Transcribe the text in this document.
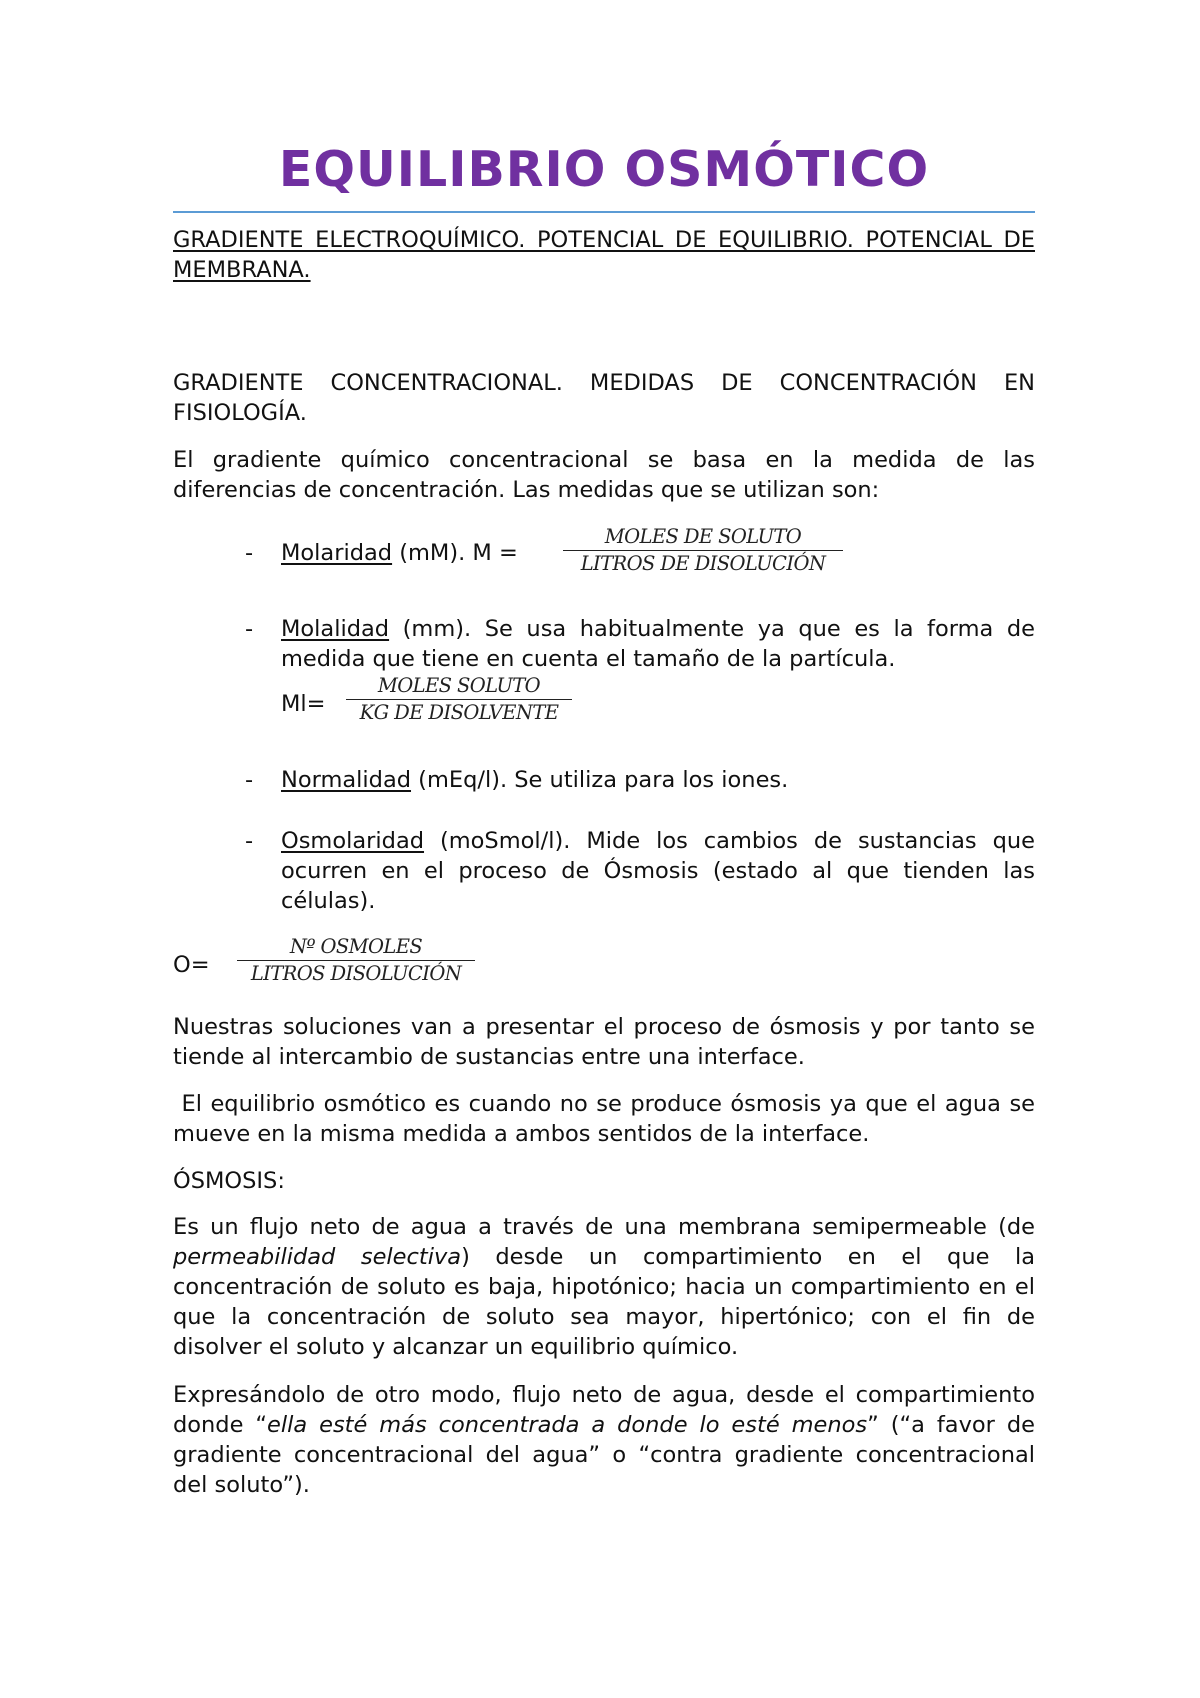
EQUILIBRIO OSMÓTICO

GRADIENTE ELECTROQUÍMICO. POTENCIAL DE EQUILIBRIO. POTENCIAL DE MEMBRANA.

GRADIENTE CONCENTRACIONAL. MEDIDAS DE CONCENTRACIÓN EN FISIOLOGÍA.

El gradiente químico concentracional se basa en la medida de las diferencias de concentración. Las medidas que se utilizan son:

- Molaridad (mM). M =

MOLES DE SOLUTO
LITROS DE DISOLUCIÓN
- Molalidad (mm). Se usa habitualmente ya que es la forma de medida que tiene en cuenta el tamaño de la partícula.

Ml=
MOLES SOLUTO
KG DE DISOLVENTE
- Normalidad (mEq/l). Se utiliza para los iones.

- Osmolaridad (moSmol/l). Mide los cambios de sustancias que ocurren en el proceso de Ósmosis (estado al que tienden las células).

O=
Nº OSMOLES
LITROS DISOLUCIÓN

Nuestras soluciones van a presentar el proceso de ósmosis y por tanto se tiende al intercambio de sustancias entre una interface.

El equilibrio osmótico es cuando no se produce ósmosis ya que el agua se mueve en la misma medida a ambos sentidos de la interface.

ÓSMOSIS:

Es un flujo neto de agua a través de una membrana semipermeable (de permeabilidad selectiva) desde un compartimiento en el que la concentración de soluto es baja, hipotónico; hacia un compartimiento en el que la concentración de soluto sea mayor, hipertónico; con el fin de disolver el soluto y alcanzar un equilibrio químico.

Expresándolo de otro modo, flujo neto de agua, desde el compartimiento donde “ella esté más concentrada a donde lo esté menos” (“a favor de gradiente concentracional del agua” o “contra gradiente concentracional del soluto”).
